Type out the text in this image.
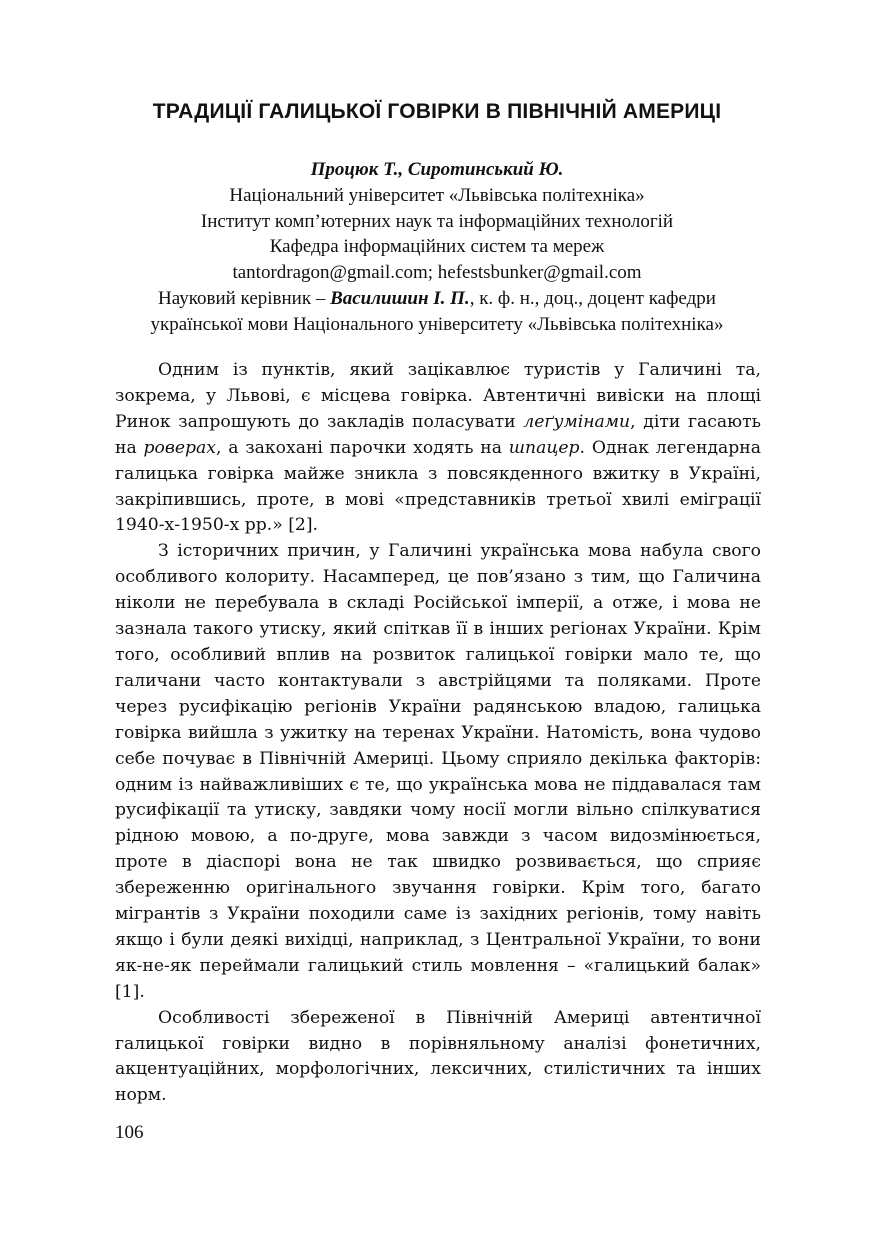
ТРАДИЦІЇ ГАЛИЦЬКОЇ ГОВІРКИ В ПІВНІЧНІЙ АМЕРИЦІ
Процюк Т., Сиротинський Ю.
Національний університет «Львівська політехніка»
Інститут комп’ютерних наук та інформаційних технологій
Кафедра інформаційних систем та мереж
tantordragon@gmail.com; hefestsbunker@gmail.com
Науковий керівник – Василишин І. П., к. ф. н., доц., доцент кафедри
української мови Національного університету «Львівська політехніка»

Одним із пунктів, який зацікавлює туристів у Галичині та, зокрема, у Львові, є місцева говірка. Автентичні вивіски на площі Ринок запрошують до закладів поласувати леґумінами, діти гасають на роверах, а закохані парочки ходять на шпацер. Однак легендарна галицька говірка майже зникла з повсякденного вжитку в Україні, закріпившись, проте, в мові «представників третьої хвилі еміграції 1940-х-1950-х рр.» [2].

З історичних причин, у Галичині українська мова набула свого особливого колориту. Насамперед, це пов’язано з тим, що Галичина ніколи не перебувала в складі Російської імперії, а отже, і мова не зазнала такого утиску, який спіткав її в інших регіонах України. Крім того, особливий вплив на розвиток галицької говірки мало те, що галичани часто контактували з австрійцями та поляками. Проте через русифікацію регіонів України радянською владою, галицька говірка вийшла з ужитку на теренах України. Натомість, вона чудово себе почуває в Північній Америці. Цьому сприяло декілька факторів: одним із найважливіших є те, що українська мова не піддавалася там русифікації та утиску, завдяки чому носії могли вільно спілкуватися рідною мовою, а по-друге, мова завжди з часом видозмінюється, проте в діаспорі вона не так швидко розвивається, що сприяє збереженню оригінального звучання говірки. Крім того, багато мігрантів з України походили саме із західних регіонів, тому навіть якщо і були деякі вихідці, наприклад, з Центральної України, то вони як-не-як переймали галицький стиль мовлення – «галицький балак» [1].

Особливості збереженої в Північній Америці автентичної галицької говірки видно в порівняльному аналізі фонетичних, акцентуаційних, морфологічних, лексичних, стилістичних та інших норм.

106
